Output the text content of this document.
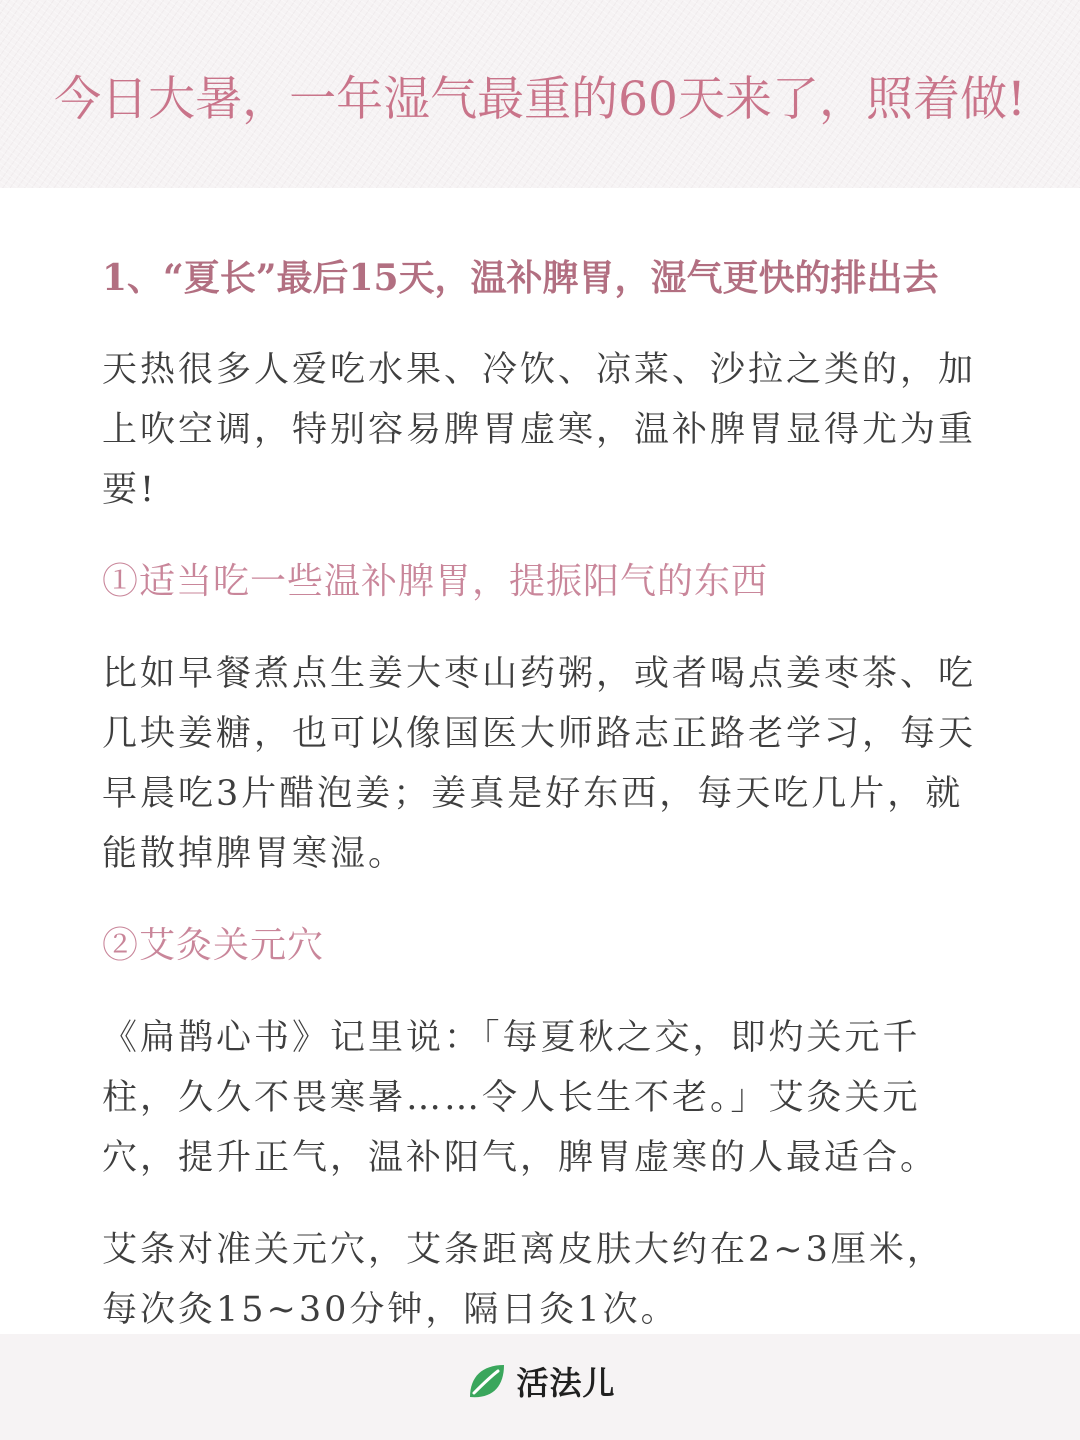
今日大暑，一年湿气最重的60天来了，照着做!
1、“夏长”最后15天，温补脾胃，湿气更快的排出去
天热很多人爱吃水果、冷饮、凉菜、沙拉之类的，加上吹空调，特别容易脾胃虚寒，温补脾胃显得尤为重要!
①适当吃一些温补脾胃，提振阳气的东西
比如早餐煮点生姜大枣山药粥，或者喝点姜枣茶、吃几块姜糖，也可以像国医大师路志正路老学习，每天早晨吃3片醋泡姜；姜真是好东西，每天吃几片，就能散掉脾胃寒湿。
②艾灸关元穴
《扁鹊心书》记里说：「每夏秋之交，即灼关元千柱，久久不畏寒暑……令人长生不老。」艾灸关元穴，提升正气，温补阳气，脾胃虚寒的人最适合。
艾条对准关元穴，艾条距离皮肤大约在2~3厘米，每次灸15~30分钟，隔日灸1次。
活法儿
